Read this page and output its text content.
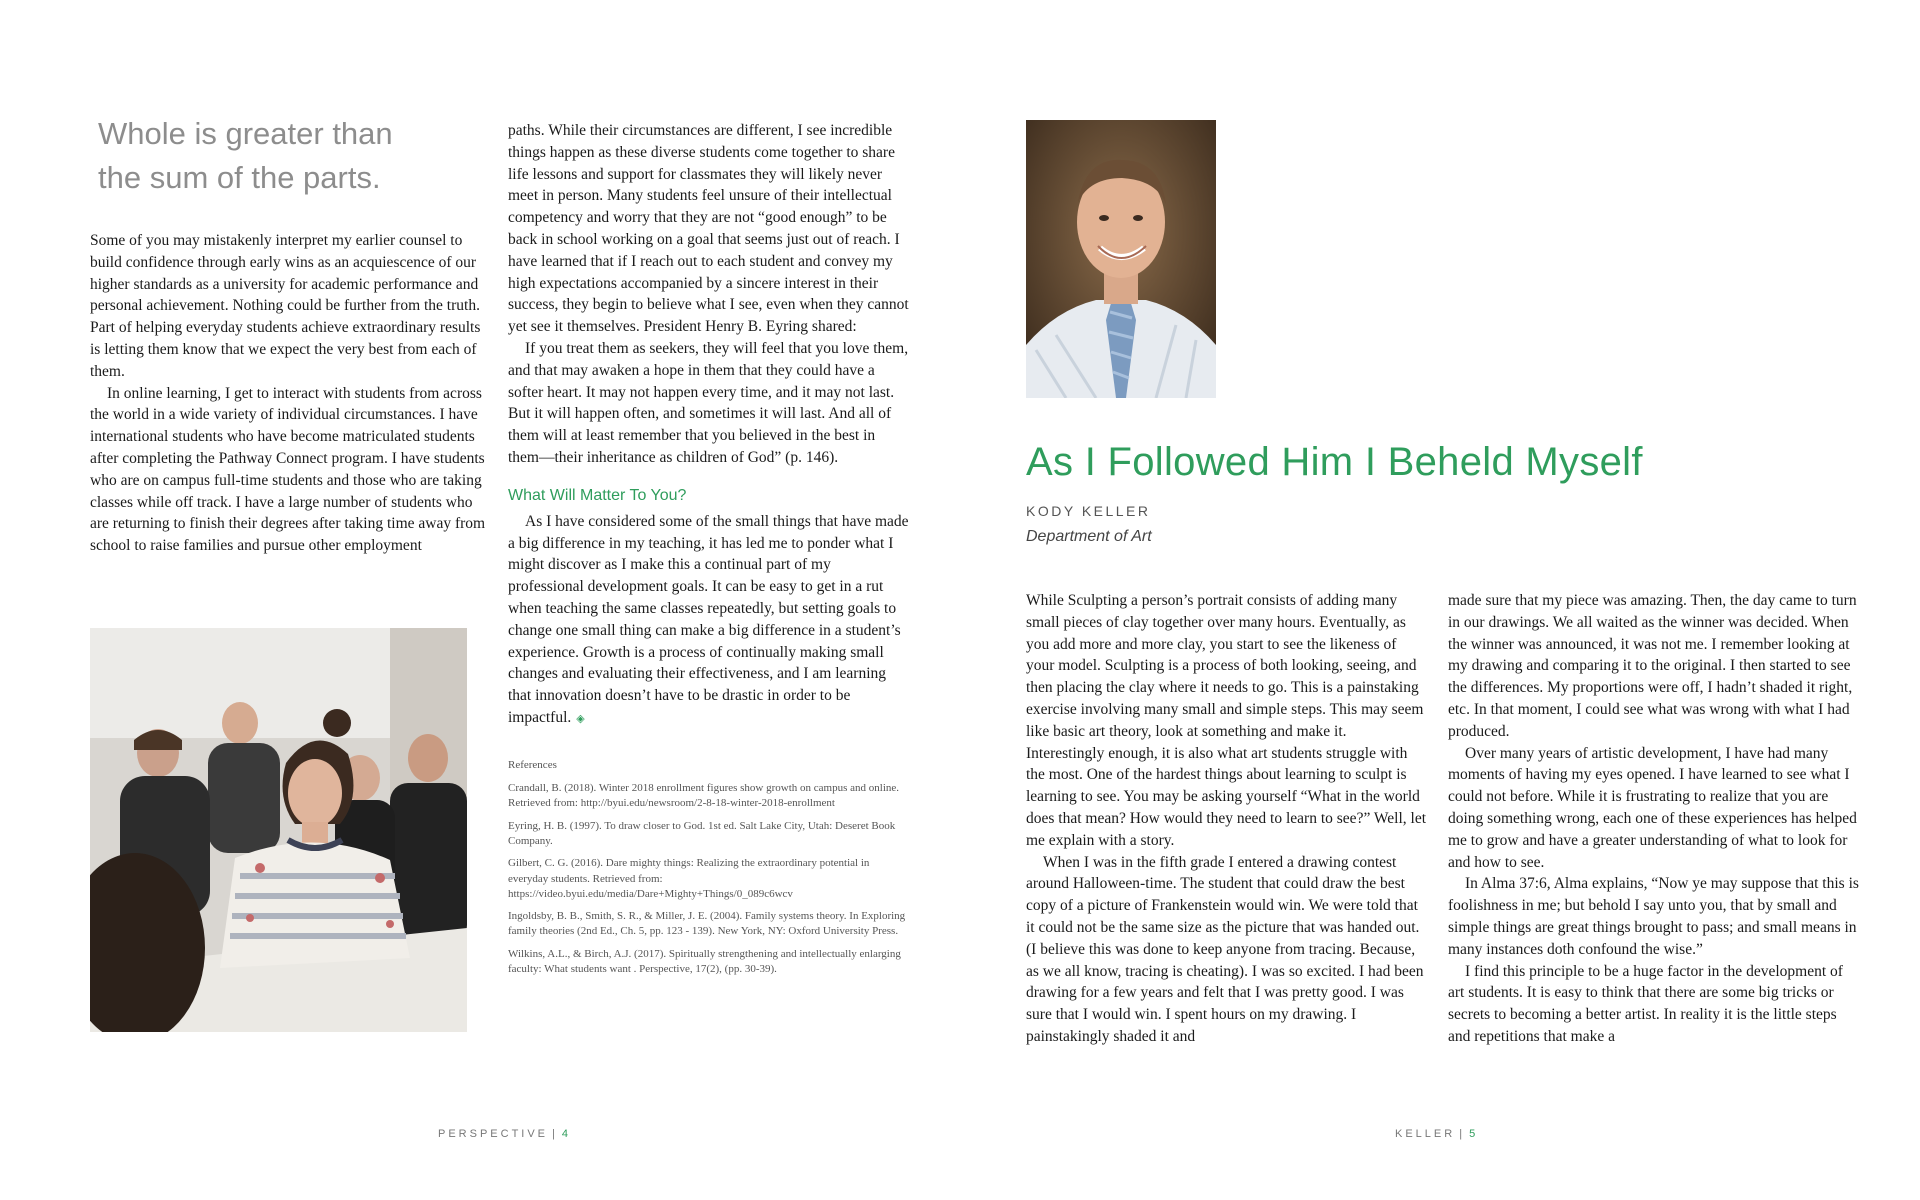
Whole is greater than the sum of the parts.

Some of you may mistakenly interpret my earlier counsel to build confidence through early wins as an acquiescence of our higher standards as a university for academic performance and personal achievement. Nothing could be further from the truth. Part of helping everyday students achieve extraordinary results is letting them know that we expect the very best from each of them.

In online learning, I get to interact with students from across the world in a wide variety of individual circumstances. I have international students who have become matriculated students after completing the Pathway Connect program. I have students who are on campus full-time students and those who are taking classes while off track. I have a large number of students who are returning to finish their degrees after taking time away from school to raise families and pursue other employment

paths. While their circumstances are different, I see incredible things happen as these diverse students come together to share life lessons and support for classmates they will likely never meet in person. Many students feel unsure of their intellectual competency and worry that they are not “good enough” to be back in school working on a goal that seems just out of reach. I have learned that if I reach out to each student and convey my high expectations accompanied by a sincere interest in their success, they begin to believe what I see, even when they cannot yet see it themselves. President Henry B. Eyring shared:

If you treat them as seekers, they will feel that you love them, and that may awaken a hope in them that they could have a softer heart. It may not happen every time, and it may not last. But it will happen often, and sometimes it will last. And all of them will at least remember that you believed in the best in them—their inheritance as children of God” (p. 146).

What Will Matter To You?

As I have considered some of the small things that have made a big difference in my teaching, it has led me to ponder what I might discover as I make this a continual part of my professional development goals. It can be easy to get in a rut when teaching the same classes repeatedly, but setting goals to change one small thing can make a big difference in a student’s experience. Growth is a process of continually making small changes and evaluating their effectiveness, and I am learning that innovation doesn’t have to be drastic in order to be impactful. ◈

References
Crandall, B. (2018). Winter 2018 enrollment figures show growth on campus and online. Retrieved from: http://byui.edu/newsroom/2-8-18-winter-2018-enrollment
Eyring, H. B. (1997). To draw closer to God. 1st ed. Salt Lake City, Utah: Deseret Book Company.
Gilbert, C. G. (2016). Dare mighty things: Realizing the extraordinary potential in everyday students. Retrieved from: https://video.byui.edu/media/Dare+Mighty+Things/0_089c6wcv
Ingoldsby, B. B., Smith, S. R., & Miller, J. E. (2004). Family systems theory. In Exploring family theories (2nd Ed., Ch. 5, pp. 123 - 139). New York, NY: Oxford University Press.
Wilkins, A.L., & Birch, A.J. (2017). Spiritually strengthening and intellectually enlarging faculty: What students want . Perspective, 17(2), (pp. 30-39).
PERSPECTIVE | 4
As I Followed Him I Beheld Myself
KODY KELLER
Department of Art

While Sculpting a person’s portrait consists of adding many small pieces of clay together over many hours. Eventually, as you add more and more clay, you start to see the likeness of your model. Sculpting is a process of both looking, seeing, and then placing the clay where it needs to go. This is a painstaking exercise involving many small and simple steps. This may seem like basic art theory, look at something and make it. Interestingly enough, it is also what art students struggle with the most. One of the hardest things about learning to sculpt is learning to see. You may be asking yourself “What in the world does that mean? How would they need to learn to see?” Well, let me explain with a story.

When I was in the fifth grade I entered a drawing contest around Halloween-time. The student that could draw the best copy of a picture of Frankenstein would win. We were told that it could not be the same size as the picture that was handed out. (I believe this was done to keep anyone from tracing. Because, as we all know, tracing is cheating). I was so excited. I had been drawing for a few years and felt that I was pretty good. I was sure that I would win. I spent hours on my drawing. I painstakingly shaded it and

made sure that my piece was amazing. Then, the day came to turn in our drawings. We all waited as the winner was decided. When the winner was announced, it was not me. I remember looking at my drawing and comparing it to the original. I then started to see the differences. My proportions were off, I hadn’t shaded it right, etc. In that moment, I could see what was wrong with what I had produced.

Over many years of artistic development, I have had many moments of having my eyes opened. I have learned to see what I could not before. While it is frustrating to realize that you are doing something wrong, each one of these experiences has helped me to grow and have a greater understanding of what to look for and how to see.

In Alma 37:6, Alma explains, “Now ye may suppose that this is foolishness in me; but behold I say unto you, that by small and simple things are great things brought to pass; and small means in many instances doth confound the wise.”

I find this principle to be a huge factor in the development of art students. It is easy to think that there are some big tricks or secrets to becoming a better artist. In reality it is the little steps and repetitions that make a

KELLER | 5
